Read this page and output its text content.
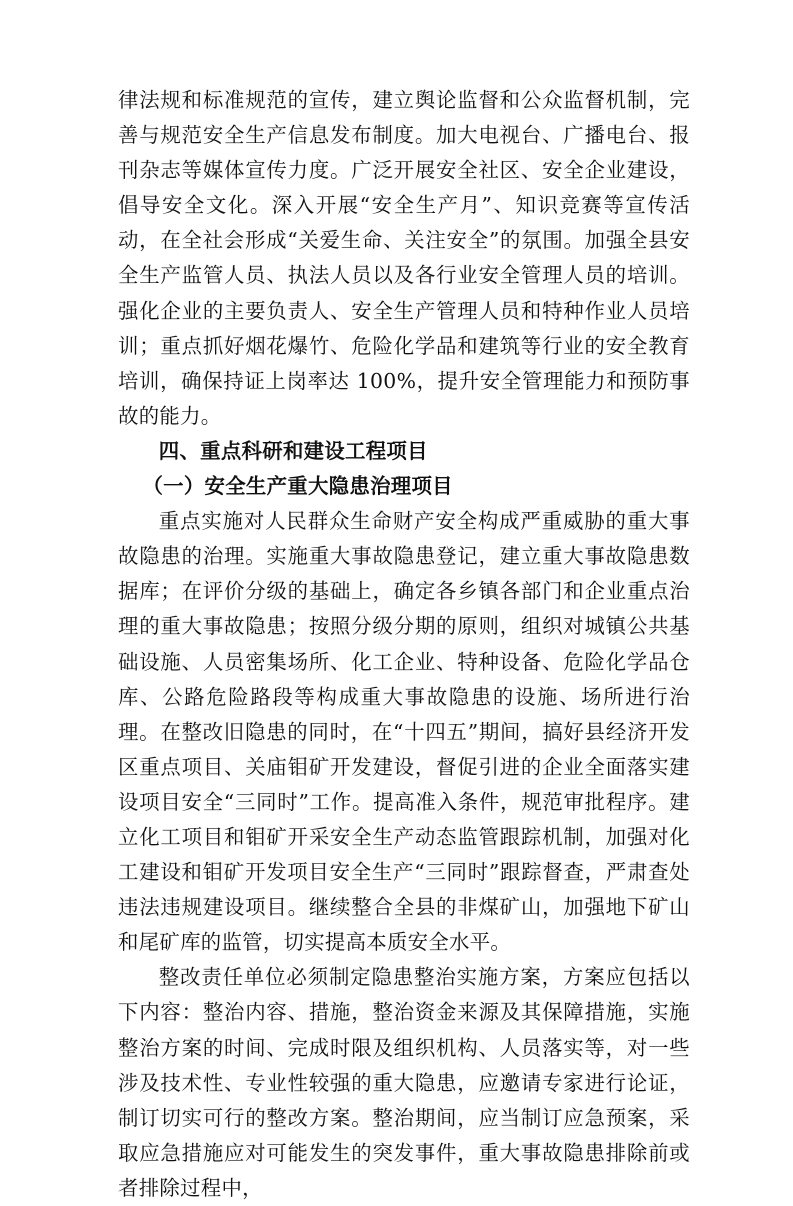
律法规和标准规范的宣传，建立舆论监督和公众监督机制，完善与规范安全生产信息发布制度。加大电视台、广播电台、报刊杂志等媒体宣传力度。广泛开展安全社区、安全企业建设，倡导安全文化。深入开展“安全生产月”、知识竞赛等宣传活动，在全社会形成“关爱生命、关注安全”的氛围。加强全县安全生产监管人员、执法人员以及各行业安全管理人员的培训。强化企业的主要负责人、安全生产管理人员和特种作业人员培训；重点抓好烟花爆竹、危险化学品和建筑等行业的安全教育培训，确保持证上岗率达 100%，提升安全管理能力和预防事故的能力。

四、重点科研和建设工程项目

（一）安全生产重大隐患治理项目

重点实施对人民群众生命财产安全构成严重威胁的重大事故隐患的治理。实施重大事故隐患登记，建立重大事故隐患数据库；在评价分级的基础上，确定各乡镇各部门和企业重点治理的重大事故隐患；按照分级分期的原则，组织对城镇公共基础设施、人员密集场所、化工企业、特种设备、危险化学品仓库、公路危险路段等构成重大事故隐患的设施、场所进行治理。在整改旧隐患的同时，在“十四五”期间，搞好县经济开发区重点项目、关庙钼矿开发建设，督促引进的企业全面落实建设项目安全“三同时”工作。提高准入条件，规范审批程序。建立化工项目和钼矿开采安全生产动态监管跟踪机制，加强对化工建设和钼矿开发项目安全生产“三同时”跟踪督查，严肃查处违法违规建设项目。继续整合全县的非煤矿山，加强地下矿山和尾矿库的监管，切实提高本质安全水平。

整改责任单位必须制定隐患整治实施方案，方案应包括以下内容：整治内容、措施，整治资金来源及其保障措施，实施整治方案的时间、完成时限及组织机构、人员落实等，对一些涉及技术性、专业性较强的重大隐患，应邀请专家进行论证，制订切实可行的整改方案。整治期间，应当制订应急预案，采取应急措施应对可能发生的突发事件，重大事故隐患排除前或者排除过程中，
